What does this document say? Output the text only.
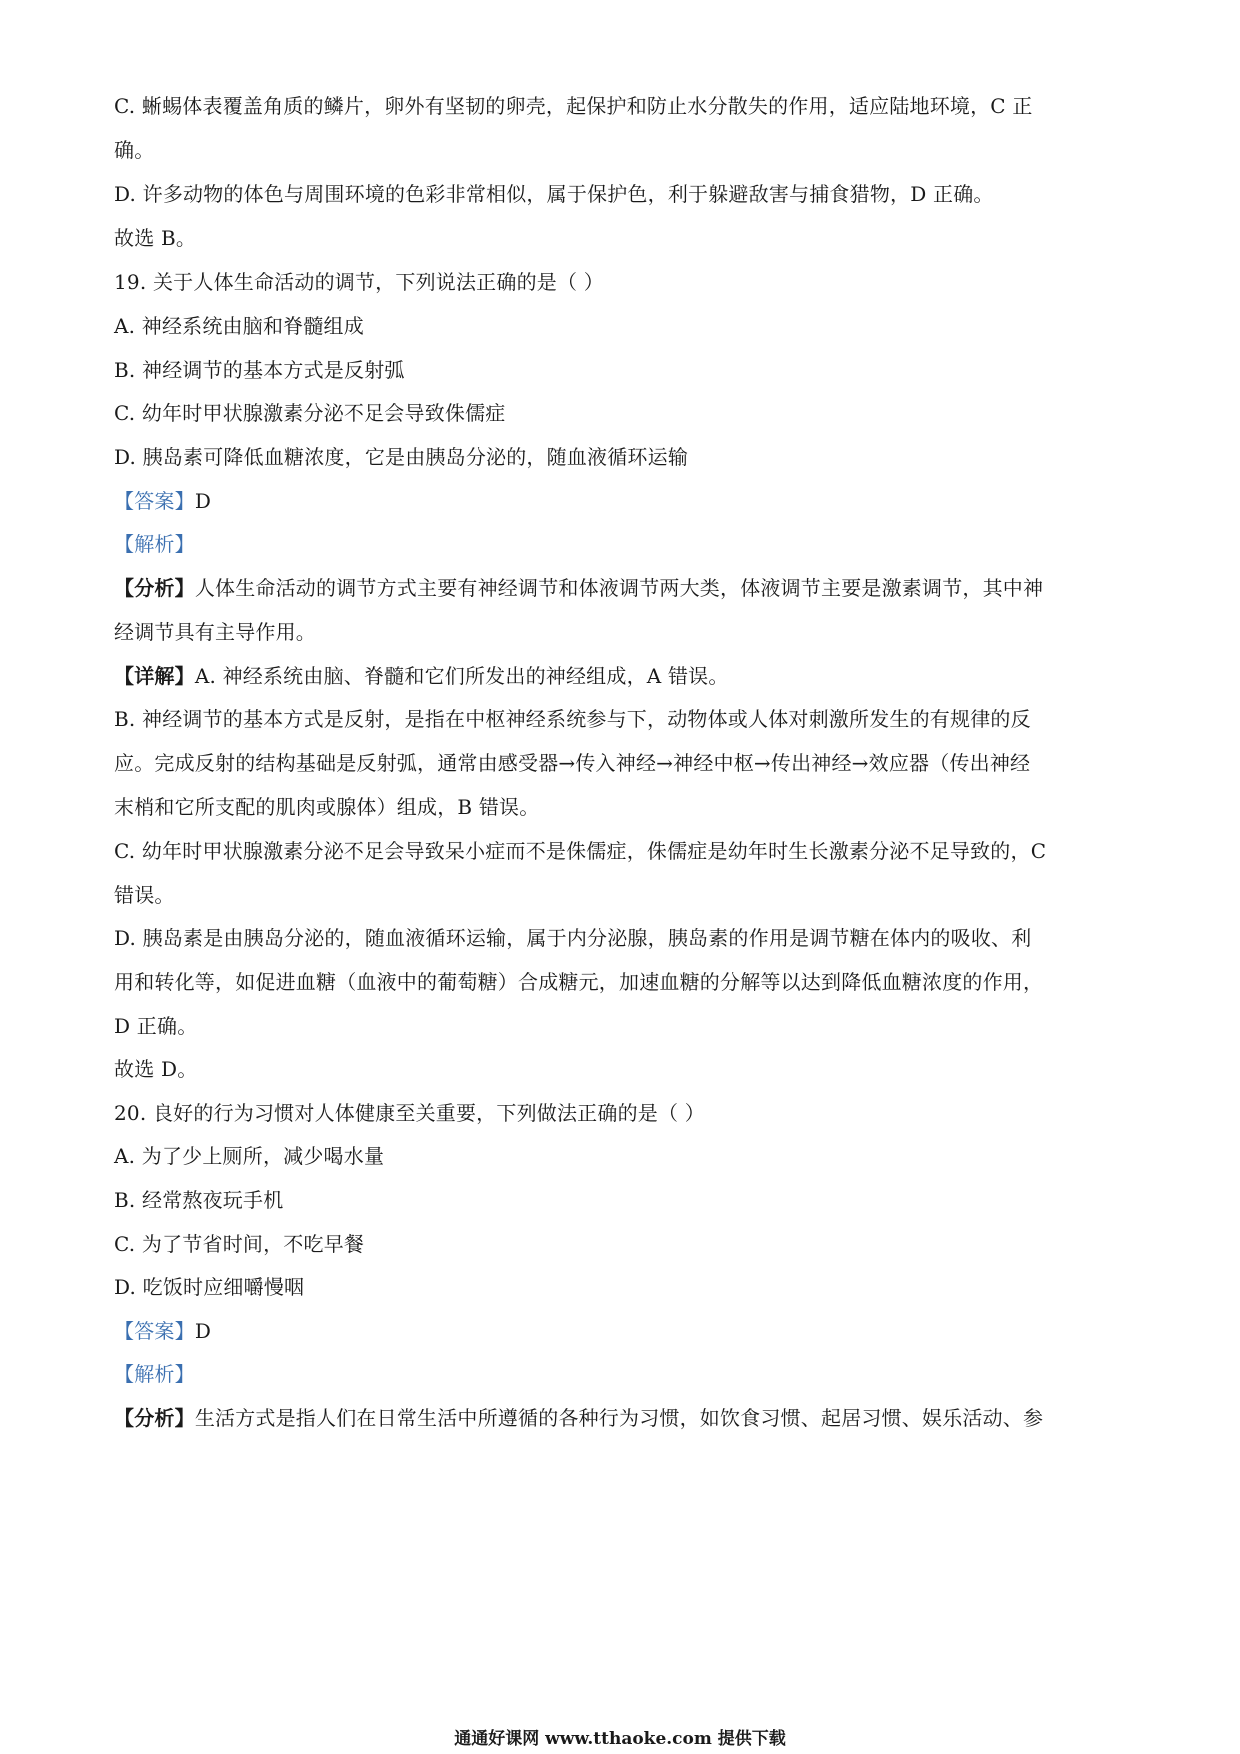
C. 蜥蜴体表覆盖角质的鳞片，卵外有坚韧的卵壳，起保护和防止水分散失的作用，适应陆地环境，C 正
确。
D. 许多动物的体色与周围环境的色彩非常相似，属于保护色，利于躲避敌害与捕食猎物，D 正确。
故选 B。
19. 关于人体生命活动的调节，下列说法正确的是（ ）
A. 神经系统由脑和脊髓组成
B. 神经调节的基本方式是反射弧
C. 幼年时甲状腺激素分泌不足会导致侏儒症
D. 胰岛素可降低血糖浓度，它是由胰岛分泌的，随血液循环运输
【答案】D
【解析】
【分析】人体生命活动的调节方式主要有神经调节和体液调节两大类，体液调节主要是激素调节，其中神
经调节具有主导作用。
【详解】A. 神经系统由脑、脊髓和它们所发出的神经组成，A 错误。
B. 神经调节的基本方式是反射，是指在中枢神经系统参与下，动物体或人体对刺激所发生的有规律的反
应。完成反射的结构基础是反射弧，通常由感受器→传入神经→神经中枢→传出神经→效应器（传出神经
末梢和它所支配的肌肉或腺体）组成，B 错误。
C. 幼年时甲状腺激素分泌不足会导致呆小症而不是侏儒症，侏儒症是幼年时生长激素分泌不足导致的，C
错误。
D. 胰岛素是由胰岛分泌的，随血液循环运输，属于内分泌腺，胰岛素的作用是调节糖在体内的吸收、利
用和转化等，如促进血糖（血液中的葡萄糖）合成糖元，加速血糖的分解等以达到降低血糖浓度的作用，
D 正确。
故选 D。
20. 良好的行为习惯对人体健康至关重要，下列做法正确的是（ ）
A. 为了少上厕所，减少喝水量
B. 经常熬夜玩手机
C. 为了节省时间，不吃早餐
D. 吃饭时应细嚼慢咽
【答案】D
【解析】
【分析】生活方式是指人们在日常生活中所遵循的各种行为习惯，如饮食习惯、起居习惯、娱乐活动、参
通通好课网 www.tthaoke.com 提供下载
